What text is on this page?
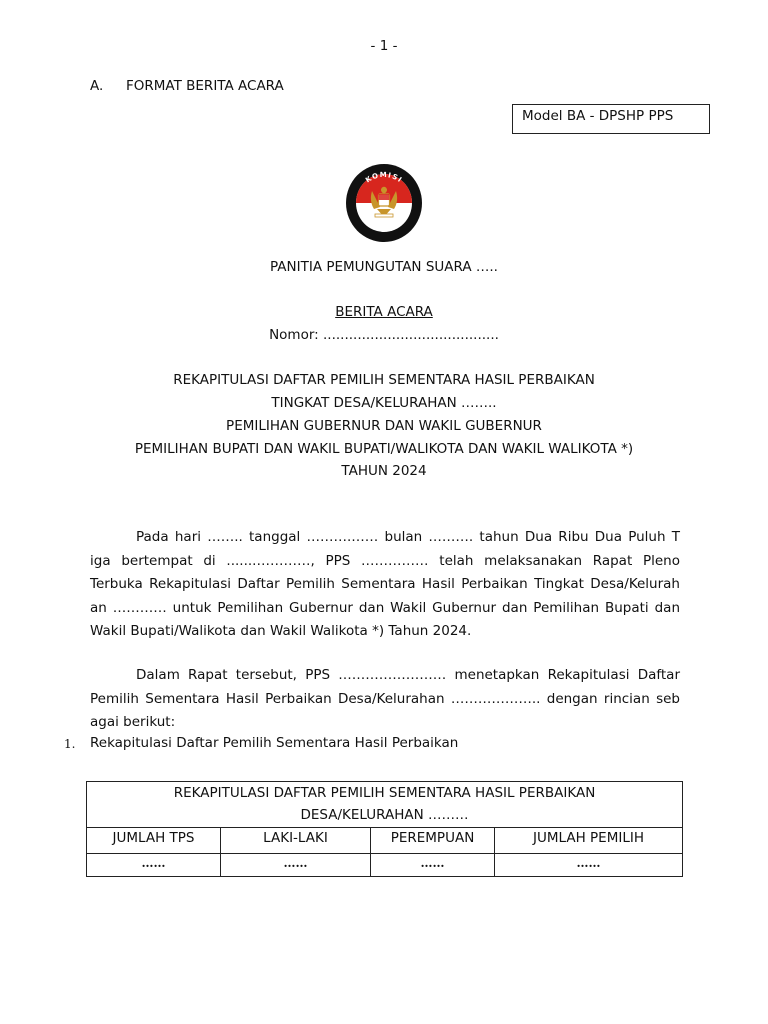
- 1 -
A. FORMAT BERITA ACARA
Model BA - DPSHP PPS
KOMISI
PEMILIHAN UMUM
PANITIA PEMUNGUTAN SUARA …..
BERITA ACARA
Nomor: .........................................
REKAPITULASI DAFTAR PEMILIH SEMENTARA HASIL PERBAIKAN
TINGKAT DESA/KELURAHAN ……..
PEMILIHAN GUBERNUR DAN WAKIL GUBERNUR
PEMILIHAN BUPATI DAN WAKIL BUPATI/WALIKOTA DAN WAKIL WALIKOTA *)
TAHUN 2024
Pada hari …….. tanggal ……….…… bulan ………. tahun Dua Ribu Dua Puluh T
iga bertempat di .......…………, PPS …………… telah melaksanakan Rapat Pleno
Terbuka Rekapitulasi Daftar Pemilih Sementara Hasil Perbaikan Tingkat Desa/Kelurah
an ………… untuk Pemilihan Gubernur dan Wakil Gubernur dan Pemilihan Bupati dan
Wakil Bupati/Walikota dan Wakil Walikota *) Tahun 2024.
Dalam Rapat tersebut, PPS …………………… menetapkan Rekapitulasi Daftar
Pemilih Sementara Hasil Perbaikan Desa/Kelurahan ……………….. dengan rincian seb
agai berikut:
1. Rekapitulasi Daftar Pemilih Sementara Hasil Perbaikan
REKAPITULASI DAFTAR PEMILIH SEMENTARA HASIL PERBAIKAN
DESA/KELURAHAN ………			

JUMLAH TPS	LAKI-LAKI	PEREMPUAN	JUMLAH PEMILIH
……	……	……	……
